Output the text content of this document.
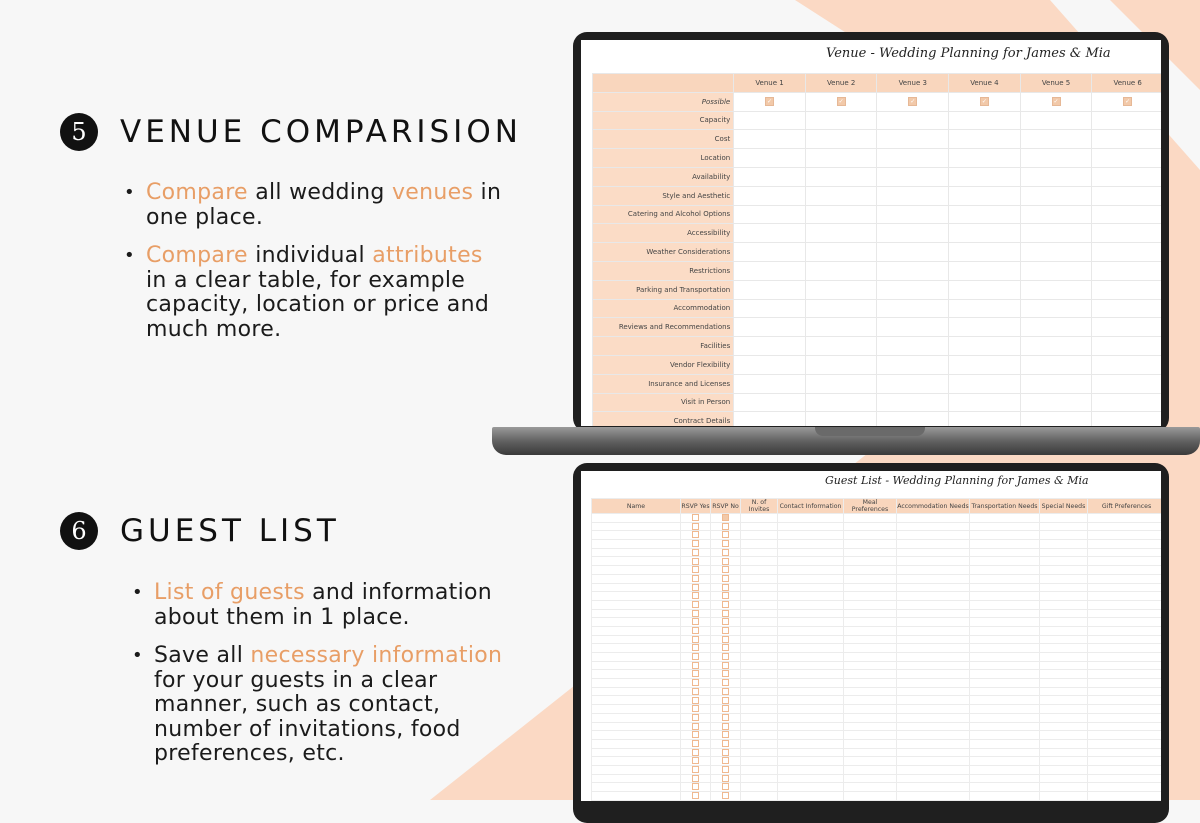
5	VENUE COMPARISION
• Compare all wedding venues in one place.
• Compare individual attributes in a clear table, for example capacity, location or price and much more.
6	GUEST LIST
• List of guests and information about them in 1 place.
• Save all necessary information for your guests in a clear manner, such as contact, number of invitations, food preferences, etc.
Venue - Wedding Planning for James & Mia
	Venue 1	Venue 2	Venue 3	Venue 4	Venue 5	Venue 6
Possible	✓	✓	✓	✓	✓	✓
Capacity						
Cost						
Location						
Availability						
Style and Aesthetic						
Catering and Alcohol Options						
Accessibility						
Weather Considerations						
Restrictions						
Parking and Transportation						
Accommodation						
Reviews and Recommendations						
Facilities						
Vendor Flexibility						
Insurance and Licenses						
Visit in Person						
Contract Details						
Guest List - Wedding Planning for James & Mia
Name	RSVP Yes	RSVP No	N. of Invites	Contact Information	Meal Preferences	Accommodation Needs	Transportation Needs	Special Needs	Gift Preferences
